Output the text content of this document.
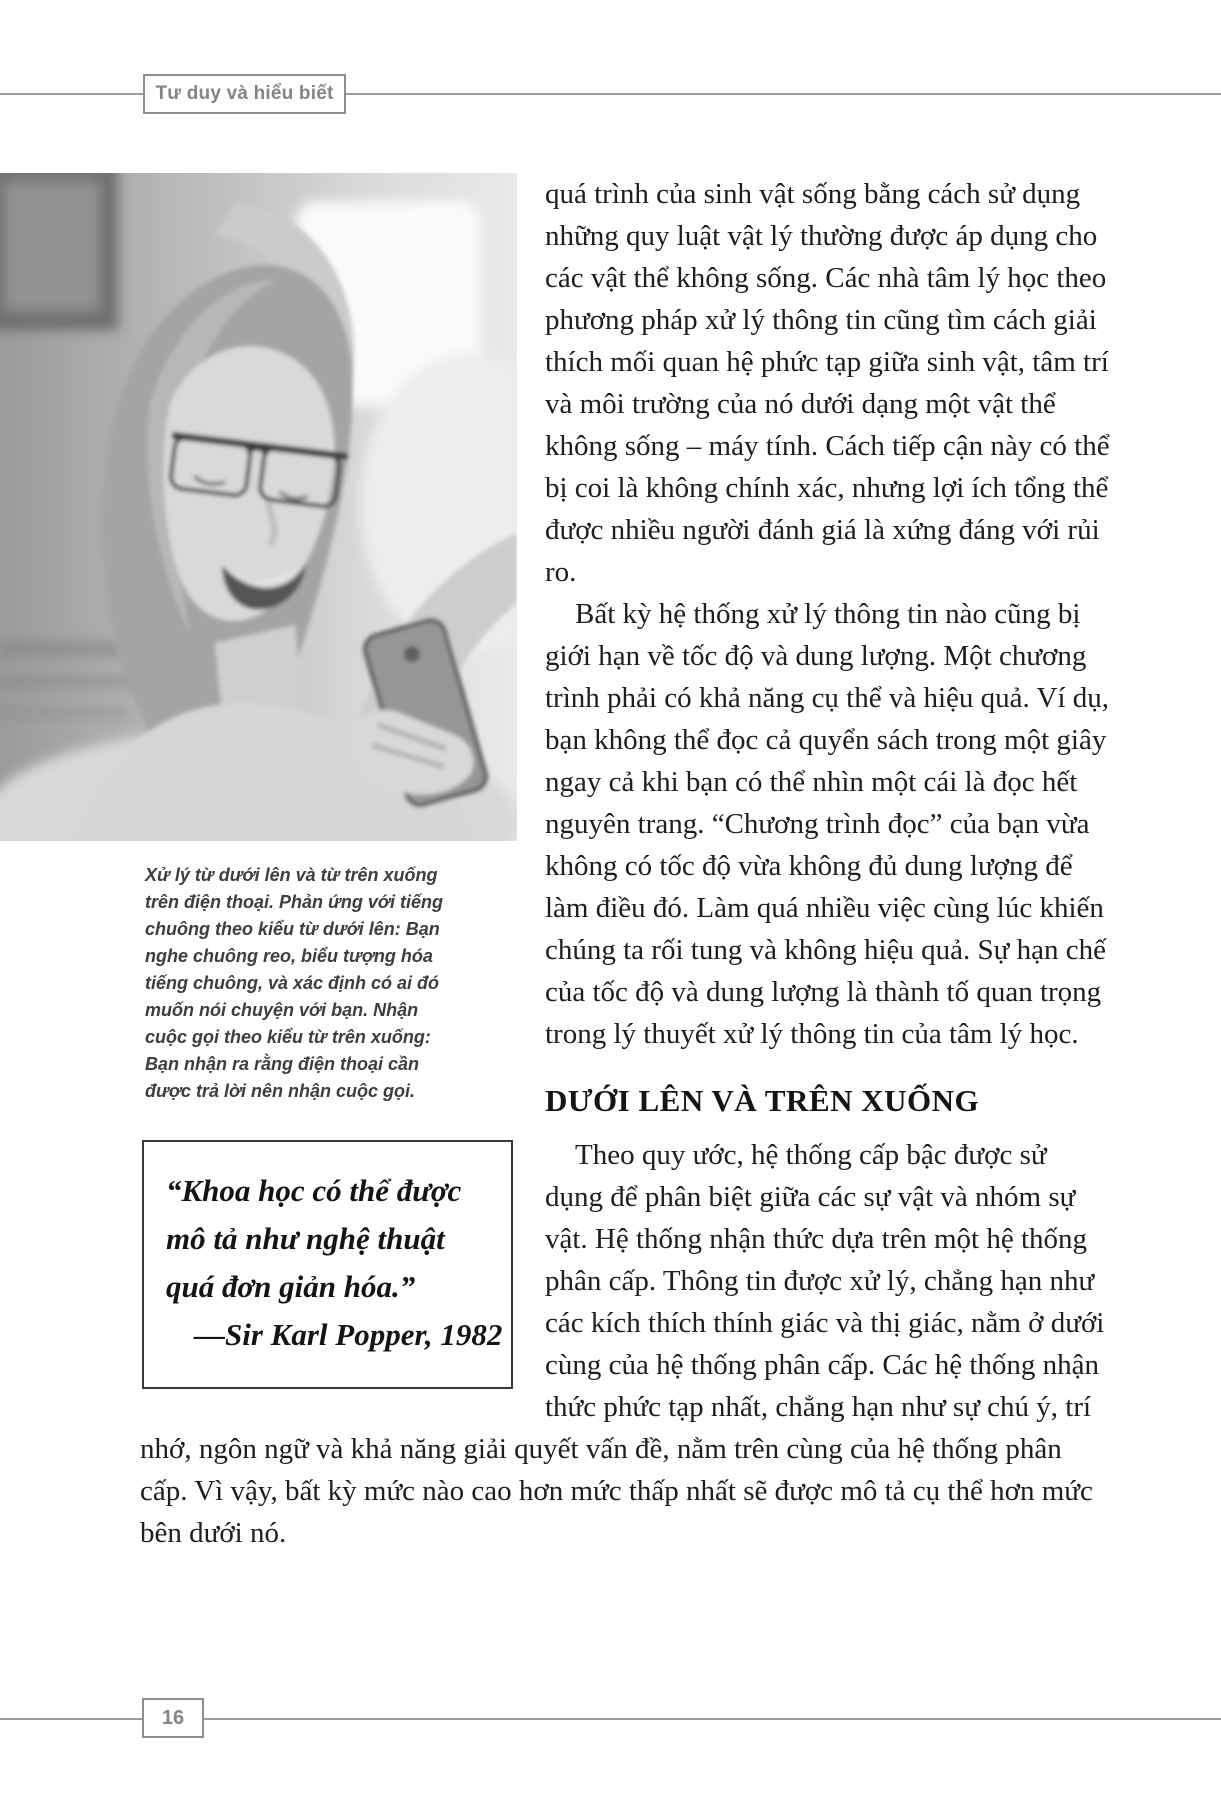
Tư duy và hiểu biết
Xử lý từ dưới lên và từ trên xuống trên điện thoại. Phản ứng với tiếng chuông theo kiểu từ dưới lên: Bạn nghe chuông reo, biểu tượng hóa tiếng chuông, và xác định có ai đó muốn nói chuyện với bạn. Nhận cuộc gọi theo kiểu từ trên xuống: Bạn nhận ra rằng điện thoại cần được trả lời nên nhận cuộc gọi.
“Khoa học có thể được mô tả như nghệ thuật quá đơn giản hóa.”
—Sir Karl Popper, 1982

quá trình của sinh vật sống bằng cách sử dụng những quy luật vật lý thường được áp dụng cho các vật thể không sống. Các nhà tâm lý học theo phương pháp xử lý thông tin cũng tìm cách giải thích mối quan hệ phức tạp giữa sinh vật, tâm trí và môi trường của nó dưới dạng một vật thể không sống – máy tính. Cách tiếp cận này có thể bị coi là không chính xác, nhưng lợi ích tổng thể được nhiều người đánh giá là xứng đáng với rủi ro.

Bất kỳ hệ thống xử lý thông tin nào cũng bị giới hạn về tốc độ và dung lượng. Một chương trình phải có khả năng cụ thể và hiệu quả. Ví dụ, bạn không thể đọc cả quyển sách trong một giây ngay cả khi bạn có thể nhìn một cái là đọc hết nguyên trang. “Chương trình đọc” của bạn vừa không có tốc độ vừa không đủ dung lượng để làm điều đó. Làm quá nhiều việc cùng lúc khiến chúng ta rối tung và không hiệu quả. Sự hạn chế của tốc độ và dung lượng là thành tố quan trọng trong lý thuyết xử lý thông tin của tâm lý học.

DƯỚI LÊN VÀ TRÊN XUỐNG

Theo quy ước, hệ thống cấp bậc được sử dụng để phân biệt giữa các sự vật và nhóm sự vật. Hệ thống nhận thức dựa trên một hệ thống phân cấp. Thông tin được xử lý, chẳng hạn như các kích thích thính giác và thị giác, nằm ở dưới cùng của hệ thống phân cấp. Các hệ thống nhận thức phức tạp nhất, chẳng hạn như sự chú ý, trí nhớ, ngôn ngữ và khả năng giải quyết vấn đề, nằm trên cùng của hệ thống phân cấp. Vì vậy, bất kỳ mức nào cao hơn mức thấp nhất sẽ được mô tả cụ thể hơn mức bên dưới nó.

16
